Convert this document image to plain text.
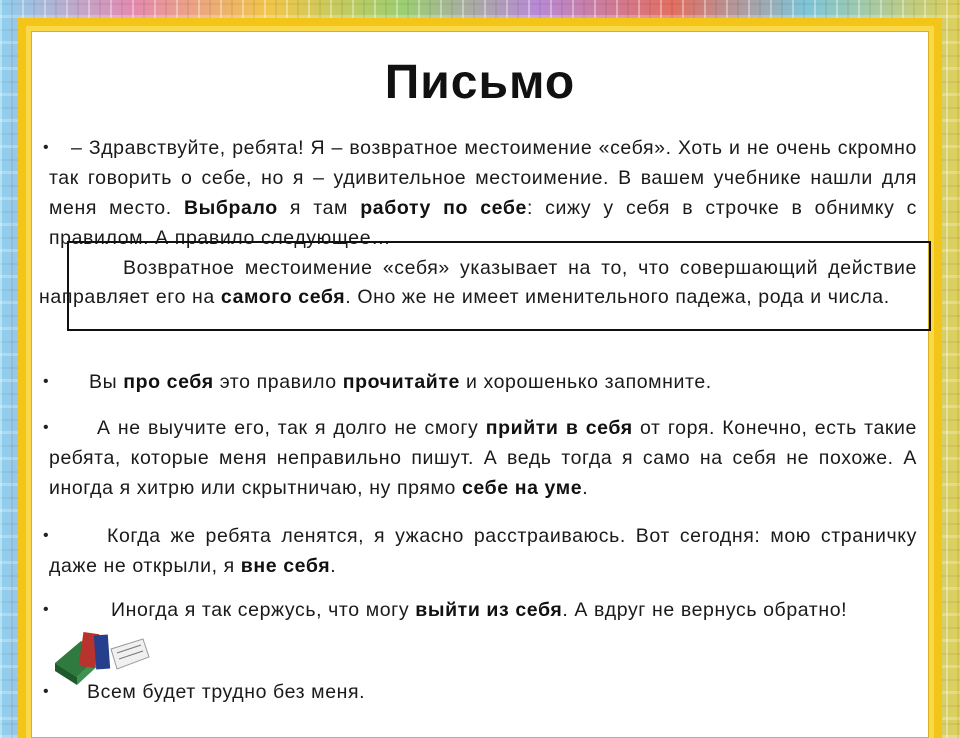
Письмо
• – Здравствуйте, ребята! Я – возвратное местоимение «себя». Хоть и не очень скромно так говорить о себе, но я – удивительное местоимение. В вашем учебнике нашли для меня место. Выбрало я там работу по себе: сижу у себя в строчке в обнимку с правилом. А правило следующее…
Возвратное местоимение «себя» указывает на то, что совершающий действие направляет его на самого себя. Оно же не имеет именительного падежа, рода и числа.
• Вы про себя это правило прочитайте и хорошенько запомните.
• А не выучите его, так я долго не смогу прийти в себя от горя. Конечно, есть такие ребята, которые меня неправильно пишут. А ведь тогда я само на себя не похоже. А иногда я хитрю или скрытничаю, ну прямо себе на уме.
•	Когда же ребята ленятся, я ужасно расстраиваюсь. Вот сегодня: мою страничку даже не открыли, я вне себя.
•	Иногда я так сержусь, что могу выйти из себя. А вдруг не вернусь обратно!
• Всем будет трудно без меня.
